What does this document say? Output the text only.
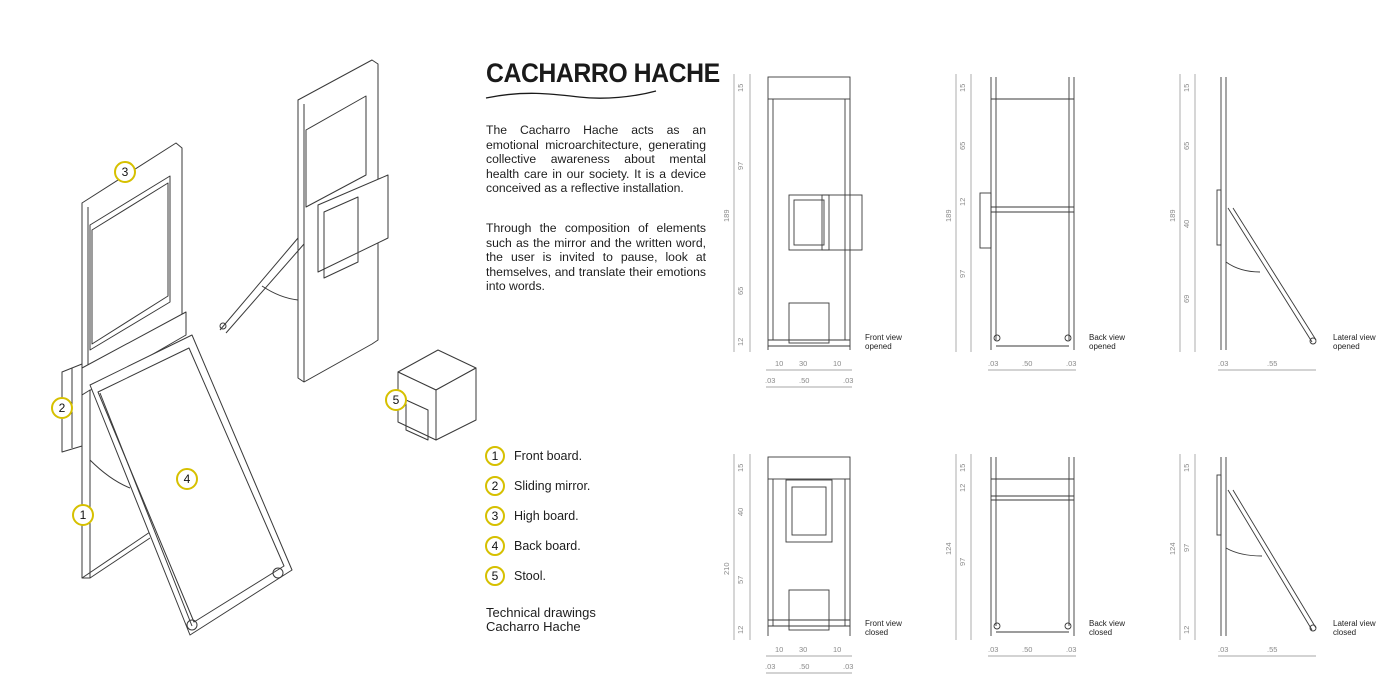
3
2
4
1
5
CACHARRO HACHE

The Cacharro Hache acts as an emotional microarchitecture, generating collective awareness about mental health care in our society. It is a device conceived as a reflective installation.

Through the composition of elements such as the mirror and the written word, the user is invited to pause, look at themselves, and translate their emotions into words.

1	Front board.
2	Sliding mirror.
3	High board.
4	Back board.
5	Stool.
Technical drawings
Cacharro Hache
15
97
65
12
189
15
65
12
97
189
15
65
40
69
189
15
40
57
12
210
15
12
97
124
15
97
12
124
10 30	10
.03	.50	.03
.03	.50	.03	.03	.55
10 30	10
.03	.50	.03
.03	.50	.03	.03	.55
Front view
opened
Back view
opened
Lateral view
opened
Front view
closed
Back view
closed
Lateral view
closed
